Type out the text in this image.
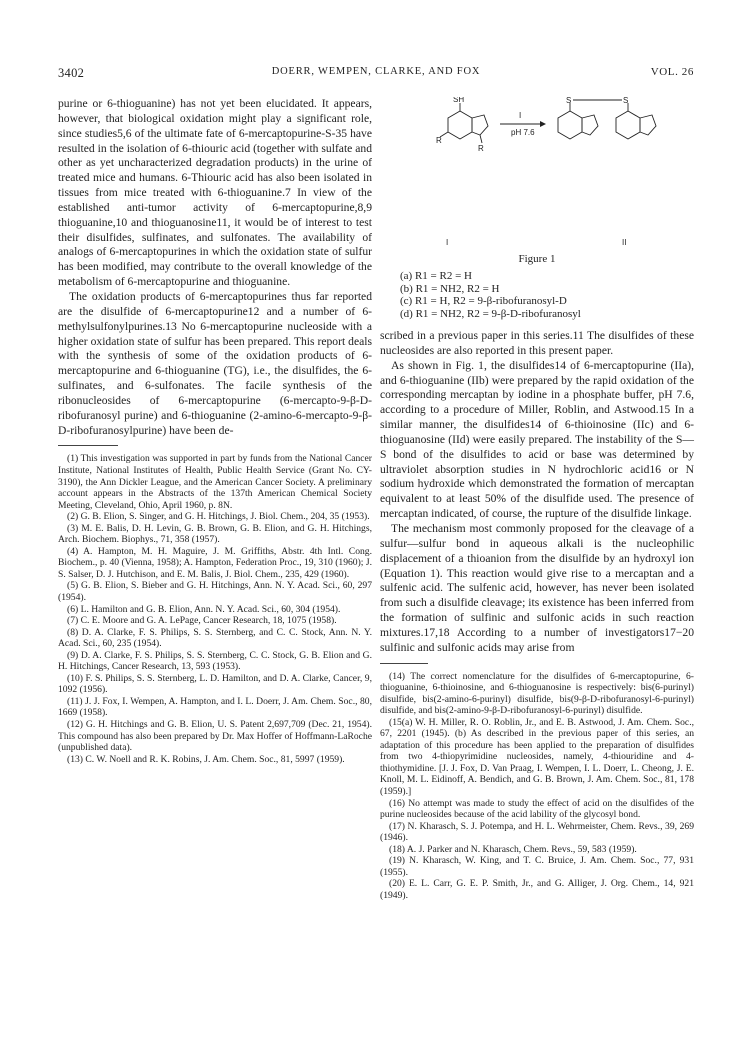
3402	DOERR, WEMPEN, CLARKE, AND FOX	VOL. 26

purine or 6-thioguanine) has not yet been elucidated. It appears, however, that biological oxidation might play a significant role, since studies5,6 of the ultimate fate of 6-mercaptopurine-S-35 have resulted in the isolation of 6-thiouric acid (together with sulfate and other as yet uncharacterized degradation products) in the urine of treated mice and humans. 6-Thiouric acid has also been isolated in tissues from mice treated with 6-thioguanine.7 In view of the established anti-tumor activity of 6-mercaptopurine,8,9 thioguanine,10 and thioguanosine11, it would be of interest to test their disulfides, sulfinates, and sulfonates. The availability of analogs of 6-mercaptopurines in which the oxidation state of sulfur has been modified, may contribute to the overall knowledge of the metabolism of 6-mercaptopurine and thioguanine.

The oxidation products of 6-mercaptopurines thus far reported are the disulfide of 6-mercaptopurine12 and a number of 6-methylsulfonylpurines.13 No 6-mercaptopurine nucleoside with a higher oxidation state of sulfur has been prepared. This report deals with the synthesis of some of the oxidation products of 6-mercaptopurine and 6-thioguanine (TG), i.e., the disulfides, the 6-sulfinates, and 6-sulfonates. The facile synthesis of the ribonucleosides of 6-mercaptopurine (6-mercapto-9-β-D-ribofuranosyl purine) and 6-thioguanine (2-amino-6-mercapto-9-β-D-ribofuranosylpurine) have been de-

(1) This investigation was supported in part by funds from the National Cancer Institute, National Institutes of Health, Public Health Service (Grant No. CY-3190), the Ann Dickler League, and the American Cancer Society. A preliminary account appears in the Abstracts of the 137th American Chemical Society Meeting, Cleveland, Ohio, April 1960, p. 8N.

(2) G. B. Elion, S. Singer, and G. H. Hitchings, J. Biol. Chem., 204, 35 (1953).

(3) M. E. Balis, D. H. Levin, G. B. Brown, G. B. Elion, and G. H. Hitchings, Arch. Biochem. Biophys., 71, 358 (1957).

(4) A. Hampton, M. H. Maguire, J. M. Griffiths, Abstr. 4th Intl. Cong. Biochem., p. 40 (Vienna, 1958); A. Hampton, Federation Proc., 19, 310 (1960); J. S. Salser, D. J. Hutchison, and E. M. Balis, J. Biol. Chem., 235, 429 (1960).

(5) G. B. Elion, S. Bieber and G. H. Hitchings, Ann. N. Y. Acad. Sci., 60, 297 (1954).

(6) L. Hamilton and G. B. Elion, Ann. N. Y. Acad. Sci., 60, 304 (1954).

(7) C. E. Moore and G. A. LePage, Cancer Research, 18, 1075 (1958).

(8) D. A. Clarke, F. S. Philips, S. S. Sternberg, and C. C. Stock, Ann. N. Y. Acad. Sci., 60, 235 (1954).

(9) D. A. Clarke, F. S. Philips, S. S. Sternberg, C. C. Stock, G. B. Elion and G. H. Hitchings, Cancer Research, 13, 593 (1953).

(10) F. S. Philips, S. S. Sternberg, L. D. Hamilton, and D. A. Clarke, Cancer, 9, 1092 (1956).

(11) J. J. Fox, I. Wempen, A. Hampton, and I. L. Doerr, J. Am. Chem. Soc., 80, 1669 (1958).

(12) G. H. Hitchings and G. B. Elion, U. S. Patent 2,697,709 (Dec. 21, 1954). This compound has also been prepared by Dr. Max Hoffer of Hoffmann-LaRoche (unpublished data).

(13) C. W. Noell and R. K. Robins, J. Am. Chem. Soc., 81, 5997 (1959).

SH
R
R
I
I
pH 7.6
S	S
II
Figure 1
(a) R1 = R2 = H
(b) R1 = NH2, R2 = H
(c) R1 = H, R2 = 9-β-ribofuranosyl-D
(d) R1 = NH2, R2 = 9-β-D-ribofuranosyl

scribed in a previous paper in this series.11 The disulfides of these nucleosides are also reported in this present paper.

As shown in Fig. 1, the disulfides14 of 6-mercaptopurine (IIa), and 6-thioguanine (IIb) were prepared by the rapid oxidation of the corresponding mercaptan by iodine in a phosphate buffer, pH 7.6, according to a procedure of Miller, Roblin, and Astwood.15 In a similar manner, the disulfides14 of 6-thioinosine (IIc) and 6-thioguanosine (IId) were easily prepared. The instability of the S—S bond of the disulfides to acid or base was determined by ultraviolet absorption studies in N hydrochloric acid16 or N sodium hydroxide which demonstrated the formation of mercaptan equivalent to at least 50% of the disulfide used. The presence of mercaptan indicated, of course, the rupture of the disulfide linkage.

The mechanism most commonly proposed for the cleavage of a sulfur—sulfur bond in aqueous alkali is the nucleophilic displacement of a thioanion from the disulfide by an hydroxyl ion (Equation 1). This reaction would give rise to a mercaptan and a sulfenic acid. The sulfenic acid, however, has never been isolated from such a disulfide cleavage; its existence has been inferred from the formation of sulfinic and sulfonic acids in such reaction mixtures.17,18 According to a number of investigators17−20 sulfinic and sulfonic acids may arise from

(14) The correct nomenclature for the disulfides of 6-mercaptopurine, 6-thioguanine, 6-thioinosine, and 6-thioguanosine is respectively: bis(6-purinyl) disulfide, bis(2-amino-6-purinyl) disulfide, bis(9-β-D-ribofuranosyl-6-purinyl) disulfide, and bis(2-amino-9-β-D-ribofuranosyl-6-purinyl) disulfide.

(15(a) W. H. Miller, R. O. Roblin, Jr., and E. B. Astwood, J. Am. Chem. Soc., 67, 2201 (1945). (b) As described in the previous paper of this series, an adaptation of this procedure has been applied to the preparation of disulfides from two 4-thiopyrimidine nucleosides, namely, 4-thiouridine and 4-thiothymidine. [J. J. Fox, D. Van Praag, I. Wempen, I. L. Doerr, L. Cheong, J. E. Knoll, M. L. Eidinoff, A. Bendich, and G. B. Brown, J. Am. Chem. Soc., 81, 178 (1959).]

(16) No attempt was made to study the effect of acid on the disulfides of the purine nucleosides because of the acid lability of the glycosyl bond.

(17) N. Kharasch, S. J. Potempa, and H. L. Wehrmeister, Chem. Revs., 39, 269 (1946).

(18) A. J. Parker and N. Kharasch, Chem. Revs., 59, 583 (1959).

(19) N. Kharasch, W. King, and T. C. Bruice, J. Am. Chem. Soc., 77, 931 (1955).

(20) E. L. Carr, G. E. P. Smith, Jr., and G. Alliger, J. Org. Chem., 14, 921 (1949).
